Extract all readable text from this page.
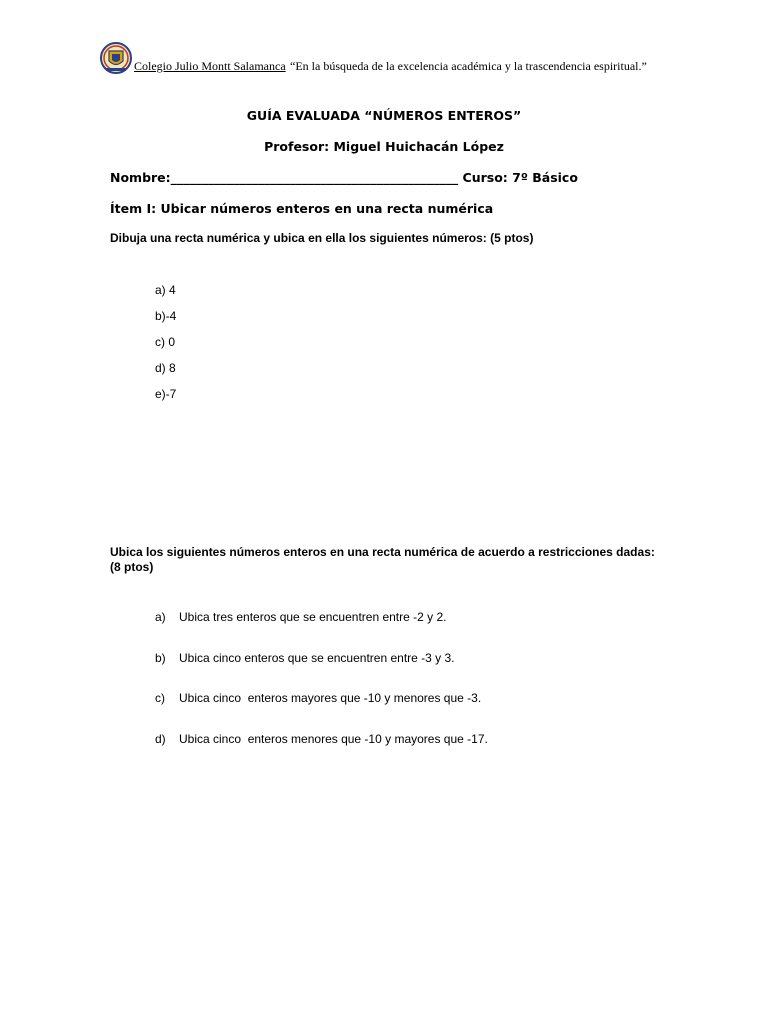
Colegio Julio Montt Salamanca “En la búsqueda de la excelencia académica y la trascendencia espiritual.”
GUÍA EVALUADA “NÚMEROS ENTEROS”
Profesor: Miguel Huichacán López
Nombre:______________________________________________ Curso: 7º Básico
Ítem I: Ubicar números enteros en una recta numérica
Dibuja una recta numérica y ubica en ella los siguientes números: (5 ptos)
a) 4
b)-4
c) 0
d) 8
e)-7
Ubica los siguientes números enteros en una recta numérica de acuerdo a restricciones dadas: (8 ptos)
a) Ubica tres enteros que se encuentren entre -2 y 2.
b) Ubica cinco enteros que se encuentren entre -3 y 3.
c) Ubica cinco  enteros mayores que -10 y menores que -3.
d) Ubica cinco  enteros menores que -10 y mayores que -17.
